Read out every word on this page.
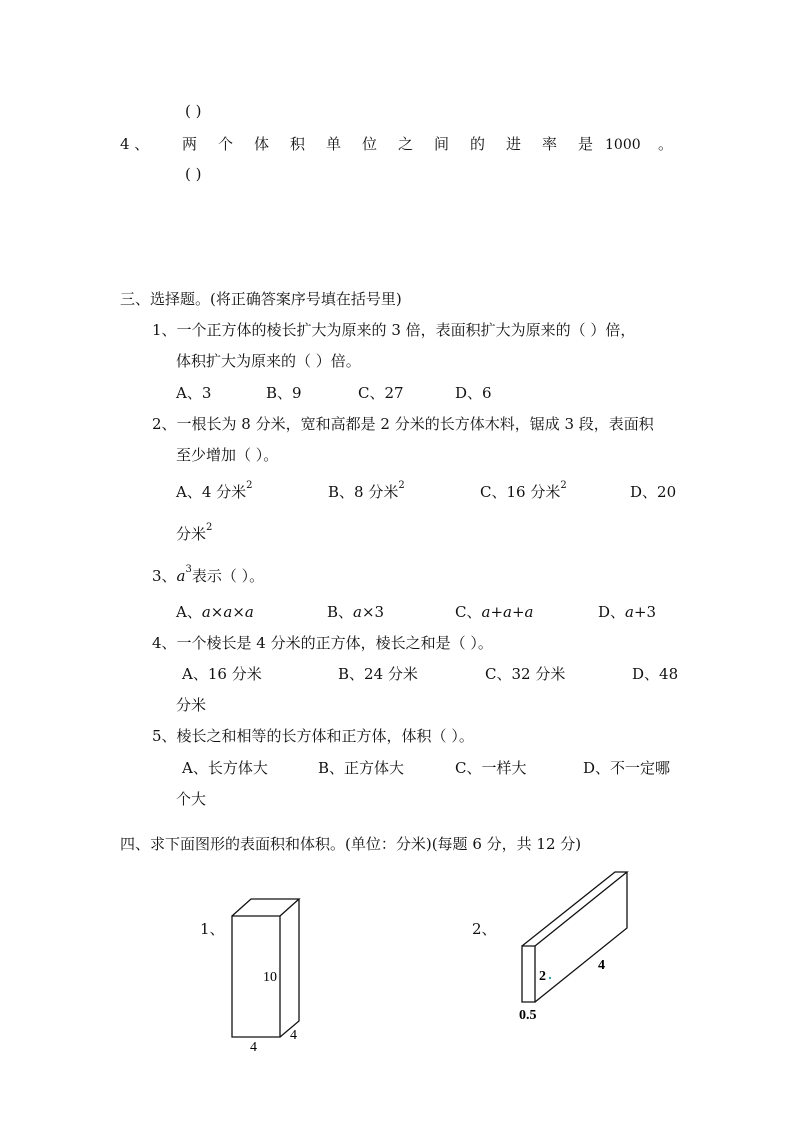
( )
4 、 两个体积单位之间的进率是
1000 。
( )
三、选择题。(将正确答案序号填在括号里)
1、一个正方体的棱长扩大为原来的 3 倍，表面积扩大为原来的（ ）倍，
体积扩大为原来的（ ）倍。
A、3	B、9	C、27	D、6
2、一根长为 8 分米，宽和高都是 2 分米的长方体木料，锯成 3 段，表面积
至少增加（ ）。
A、4 分米$^2$	B、8 分米$^2$	C、16 分米$^2$	D、20
分米$^2$
3、$a^3$表示（ ）。
A、a×a×a	B、a×3	C、a+a+a	D、a+3
4、一个棱长是 4 分米的正方体，棱长之和是（ ）。
A、16 分米	B、24 分米	C、32 分米	D、48
分米
5、棱长之和相等的长方体和正方体，体积（ ）。
A、长方体大	B、正方体大	C、一样大	D、不一定哪
个大
四、求下面图形的表面积和体积。(单位：分米)(每题 6 分，共 12 分)
1、
10
4
4
2、
2
4
0.5
